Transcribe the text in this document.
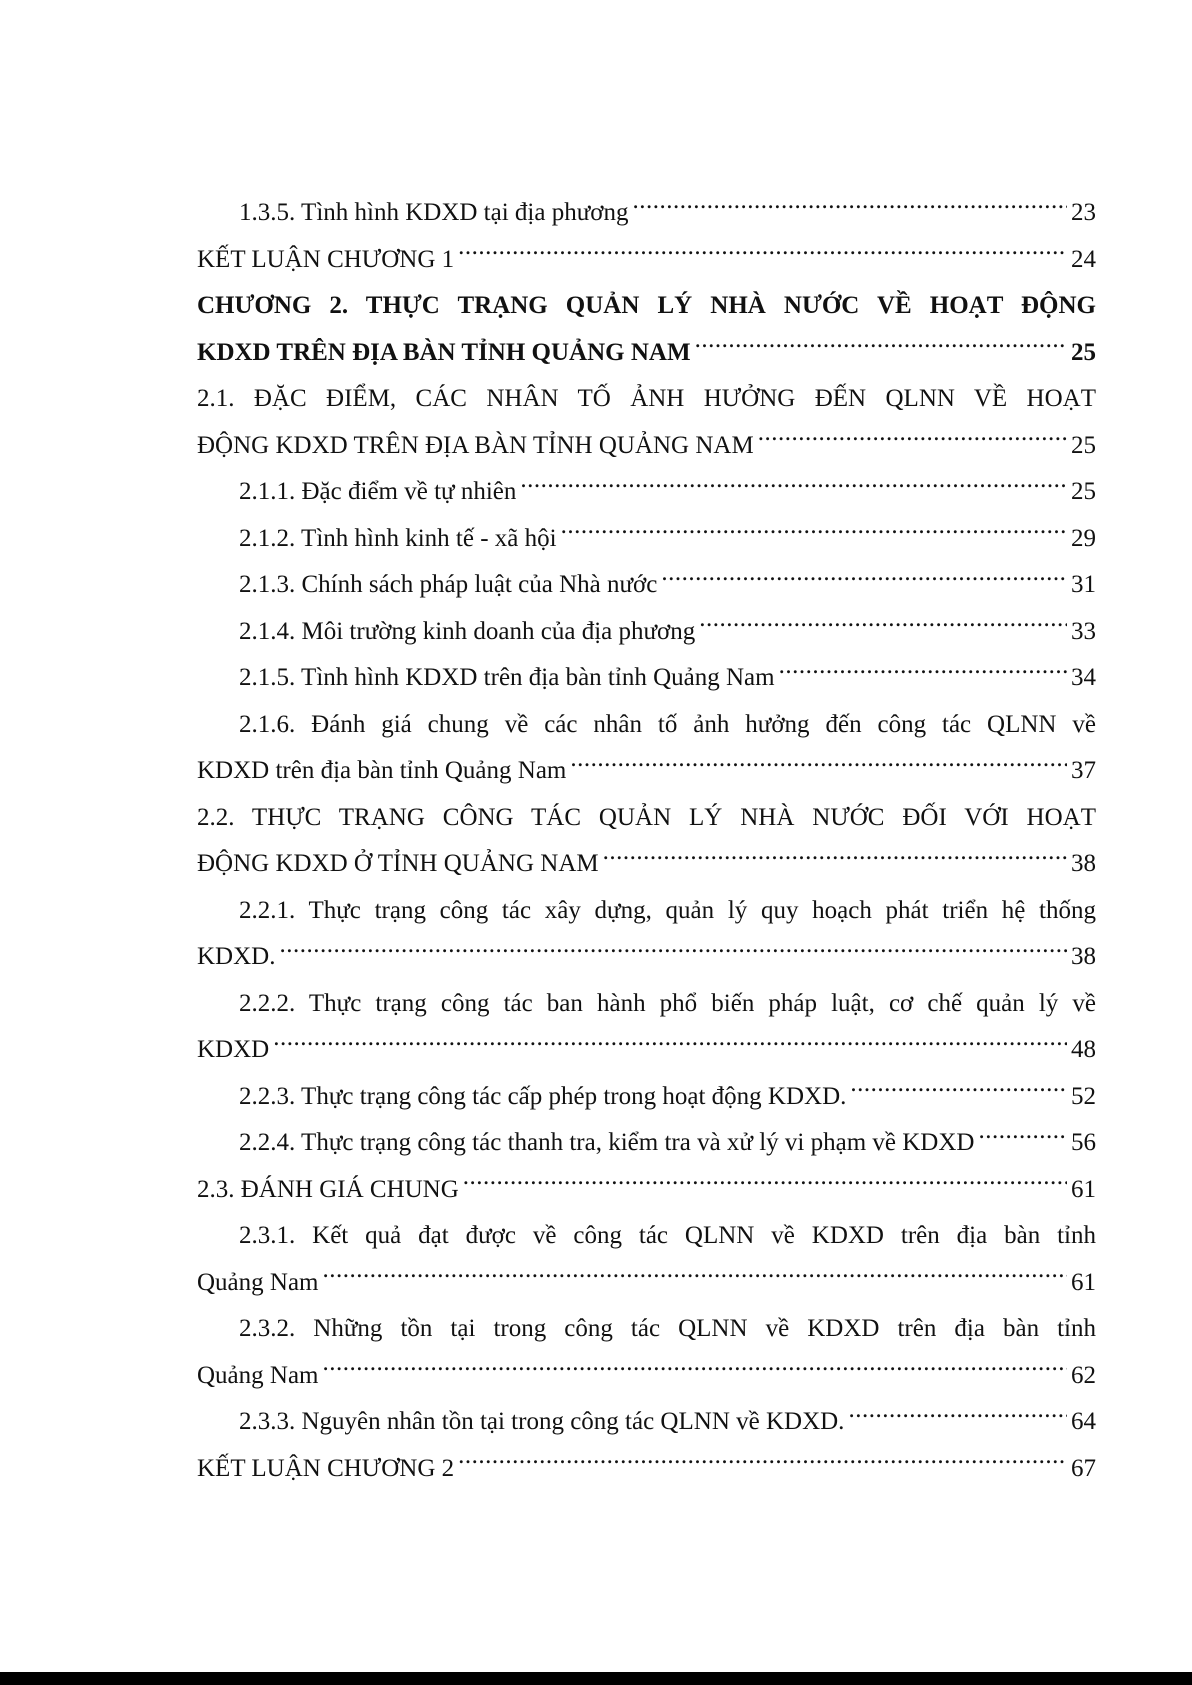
1.3.5. Tình hình KDXD tại địa phương .....	23
KẾT LUẬN CHƯƠNG 1 .....	24
CHƯƠNG 2. THỰC TRẠNG QUẢN LÝ NHÀ NƯỚC VỀ HOẠT ĐỘNG
KDXD TRÊN ĐỊA BÀN TỈNH QUẢNG NAM .....	25
2.1. ĐẶC ĐIỂM, CÁC NHÂN TỐ ẢNH HƯỞNG ĐẾN QLNN VỀ HOẠT
ĐỘNG KDXD TRÊN ĐỊA BÀN TỈNH QUẢNG NAM .....	25
2.1.1. Đặc điểm về tự nhiên .....	25
2.1.2. Tình hình kinh tế - xã hội .....	29
2.1.3. Chính sách pháp luật của Nhà nước .....	31
2.1.4. Môi trường kinh doanh của địa phương .....	33
2.1.5. Tình hình KDXD trên địa bàn tỉnh Quảng Nam .....	34
2.1.6. Đánh giá chung về các nhân tố ảnh hưởng đến công tác QLNN về
KDXD trên địa bàn tỉnh Quảng Nam .....	37
2.2. THỰC TRẠNG CÔNG TÁC QUẢN LÝ NHÀ NƯỚC ĐỐI VỚI HOẠT
ĐỘNG KDXD Ở TỈNH QUẢNG NAM .....	38
2.2.1. Thực trạng công tác xây dựng, quản lý quy hoạch phát triển hệ thống
KDXD. .....	38
2.2.2. Thực trạng công tác ban hành phổ biến pháp luật, cơ chế quản lý về
KDXD .....	48
2.2.3. Thực trạng công tác cấp phép trong hoạt động KDXD. .....	52
2.2.4. Thực trạng công tác thanh tra, kiểm tra và xử lý vi phạm về KDXD .....	56
2.3. ĐÁNH GIÁ CHUNG .....	61
2.3.1. Kết quả đạt được về công tác QLNN về KDXD trên địa bàn tỉnh
Quảng Nam .....	61
2.3.2. Những tồn tại trong công tác QLNN về KDXD trên địa bàn tỉnh
Quảng Nam .....	62
2.3.3. Nguyên nhân tồn tại trong công tác QLNN về KDXD. .....	64
KẾT LUẬN CHƯƠNG 2 .....	67
